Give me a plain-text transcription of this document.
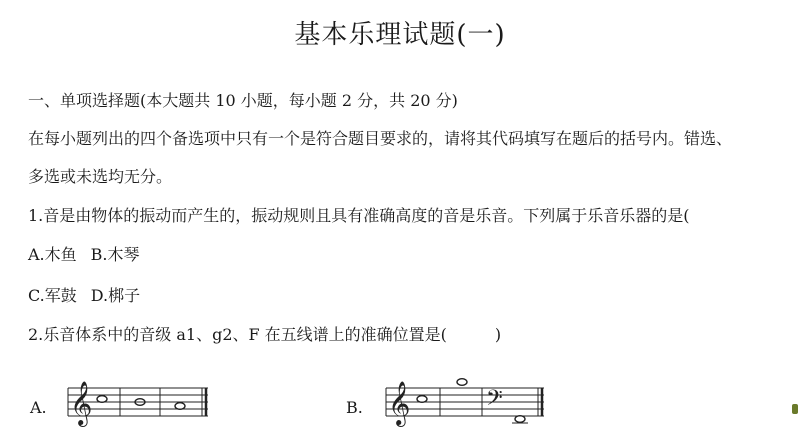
基本乐理试题(一)
一、单项选择题(本大题共 10 小题，每小题 2 分，共 20 分)
在每小题列出的四个备选项中只有一个是符合题目要求的，请将其代码填写在题后的括号内。错选、
多选或未选均无分。
1.音是由物体的振动而产生的，振动规则且具有准确高度的音是乐音。下列属于乐音乐器的是(
A.木鱼 B.木琴
C.军鼓 D.梆子
2.乐音体系中的音级 a1、g2、F 在五线谱上的准确位置是(　　　)
A. 𝄞	B. 𝄞	𝄢
